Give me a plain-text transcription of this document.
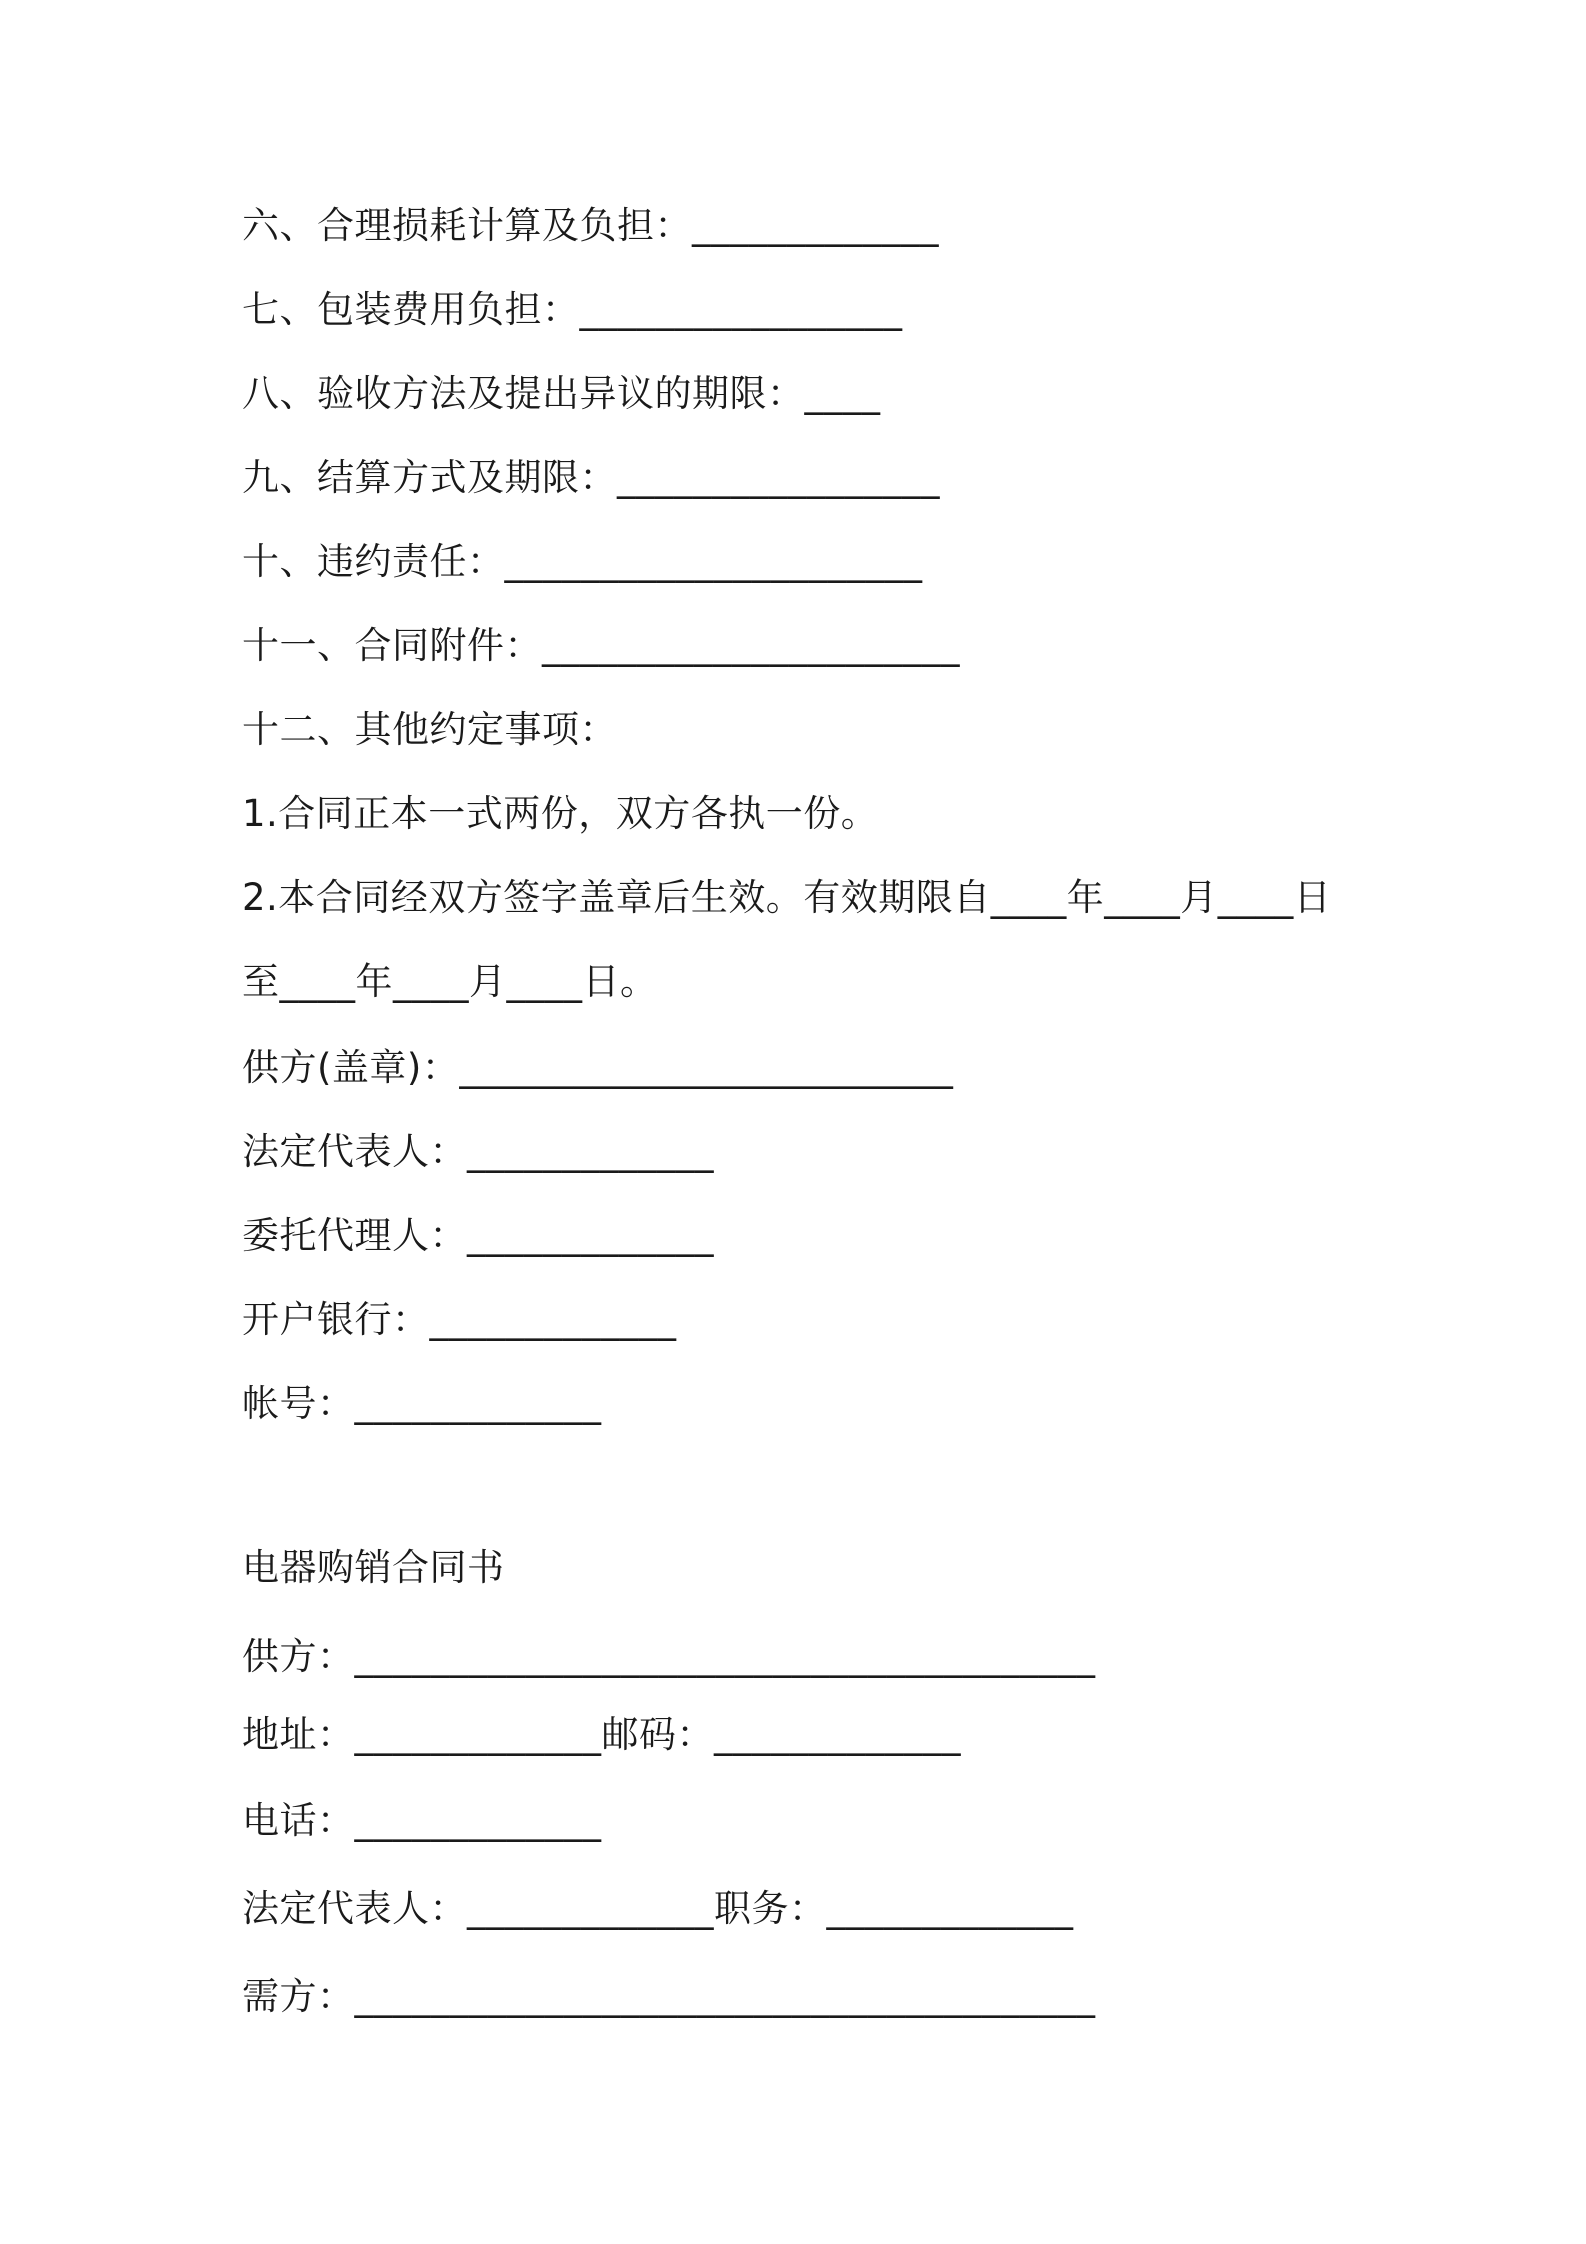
六、合理损耗计算及负担：_____________
七、包装费用负担：_________________
八、验收方法及提出异议的期限：____
九、结算方式及期限：_________________
十、违约责任：______________________
十一、合同附件：______________________
十二、其他约定事项：
1.合同正本一式两份，双方各执一份。
2.本合同经双方签字盖章后生效。有效期限自____年____月____日
至____年____月____日。
供方(盖章)：__________________________
法定代表人：_____________
委托代理人：_____________
开户银行：_____________
帐号：_____________
电器购销合同书
供方：_______________________________________
地址：_____________邮码：_____________
电话：_____________
法定代表人：_____________职务：_____________
需方：_______________________________________
